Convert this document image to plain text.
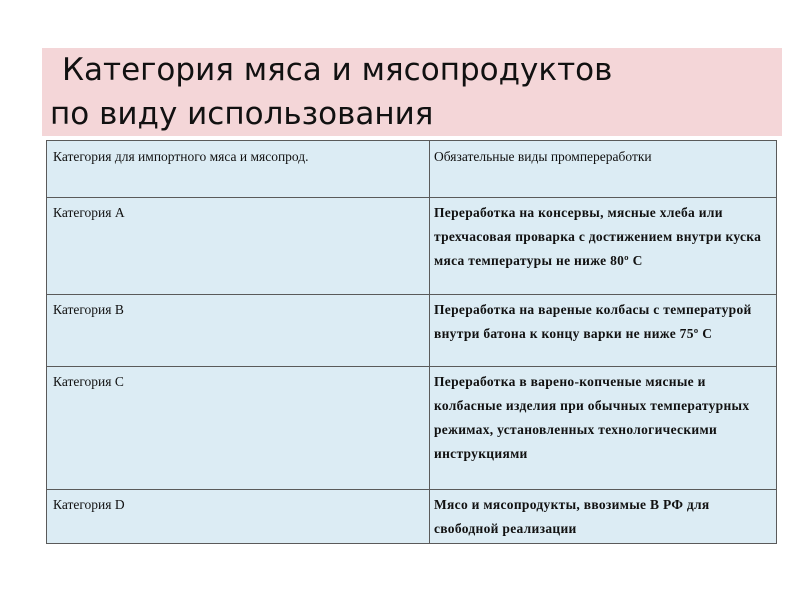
Категория мяса и мясопродуктов
по виду использования
Категория для импортного мяса и мясопрод.	Обязательные виды промпереработки
Категория А	Переработка на консервы, мясные хлеба или трехчасовая проварка с достижением внутри куска мяса температуры не ниже 80º С
Категория В	Переработка на вареные колбасы с температурой внутри батона к концу варки не ниже 75º С
Категория С	Переработка в варено-копченые мясные и колбасные изделия при обычных температурных режимах, установленных технологическими инструкциями
Категория D	Мясо и мясопродукты, ввозимые В РФ для свободной реализации
